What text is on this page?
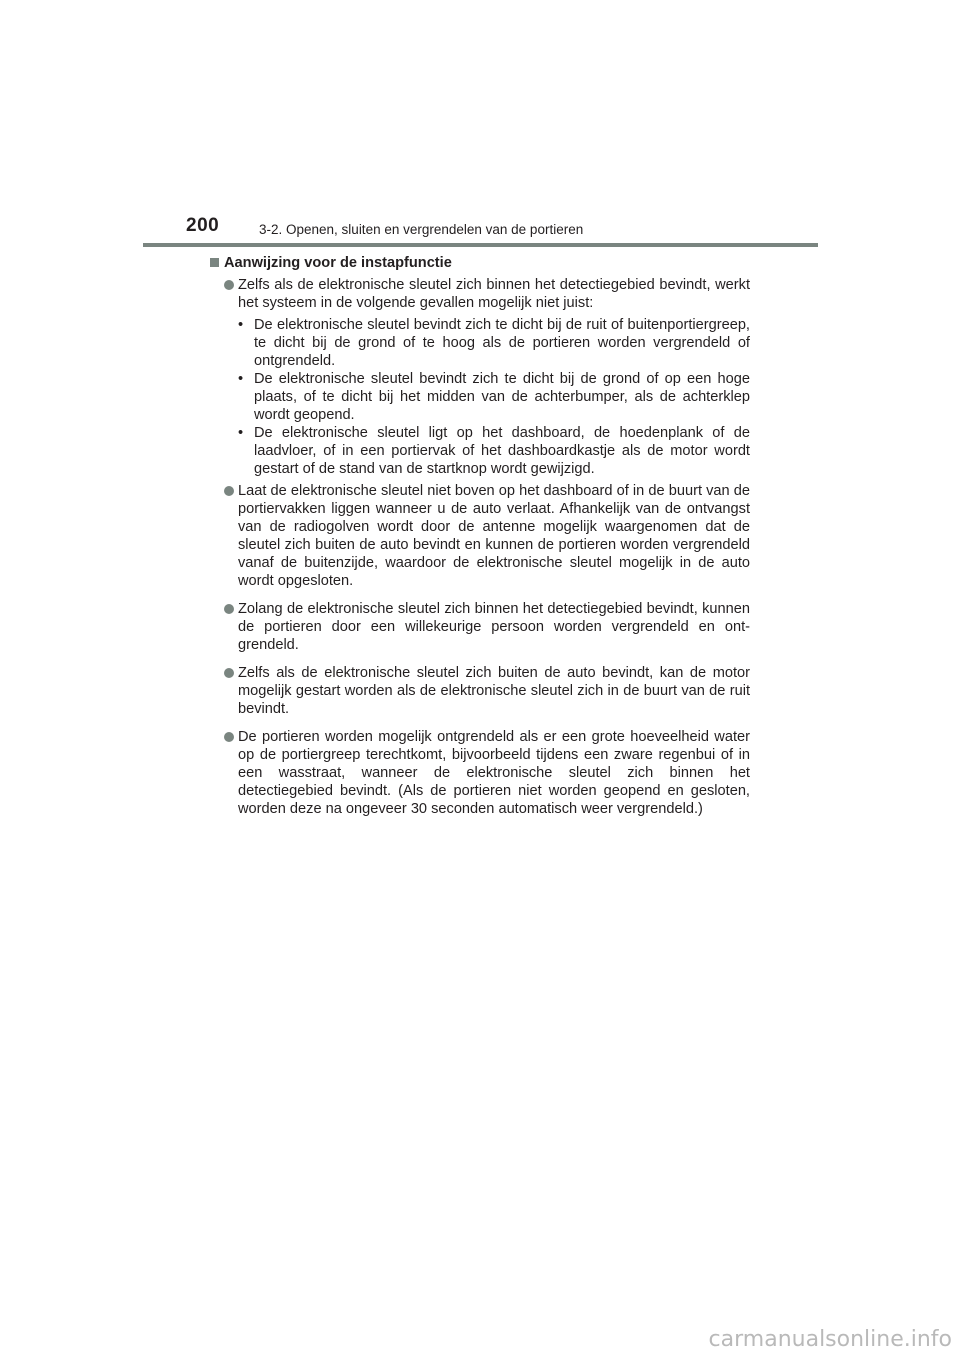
200	3-2. Openen, sluiten en vergrendelen van de portieren
Aanwijzing voor de instapfunctie
Zelfs als de elektronische sleutel zich binnen het detectiegebied bevindt, werkt het systeem in de volgende gevallen mogelijk niet juist:
• De elektronische sleutel bevindt zich te dicht bij de ruit of buitenportiergreep, te dicht bij de grond of te hoog als de portieren worden vergrendeld of ontgrendeld.
• De elektronische sleutel bevindt zich te dicht bij de grond of op een hoge plaats, of te dicht bij het midden van de achterbumper, als de achterklep wordt geopend.
• De elektronische sleutel ligt op het dashboard, de hoedenplank of de laadvloer, of in een portiervak of het dashboardkastje als de motor wordt gestart of de stand van de startknop wordt gewijzigd.
Laat de elektronische sleutel niet boven op het dashboard of in de buurt van de portiervakken liggen wanneer u de auto verlaat. Afhankelijk van de ontvangst van de radiogolven wordt door de antenne mogelijk waargenomen dat de sleutel zich buiten de auto bevindt en kunnen de portieren worden vergrendeld vanaf de buitenzijde, waardoor de elektronische sleutel mogelijk in de auto wordt opgesloten.
Zolang de elektronische sleutel zich binnen het detectiegebied bevindt, kunnen de portieren door een willekeurige persoon worden vergrendeld en ontgrendeld.
Zelfs als de elektronische sleutel zich buiten de auto bevindt, kan de motor mogelijk gestart worden als de elektronische sleutel zich in de buurt van de ruit bevindt.
De portieren worden mogelijk ontgrendeld als er een grote hoeveelheid water op de portiergreep terechtkomt, bijvoorbeeld tijdens een zware regenbui of in een wasstraat, wanneer de elektronische sleutel zich binnen het detectiegebied bevindt. (Als de portieren niet worden geopend en gesloten, worden deze na ongeveer 30 seconden automatisch weer vergrendeld.)
carmanualsonline.info
